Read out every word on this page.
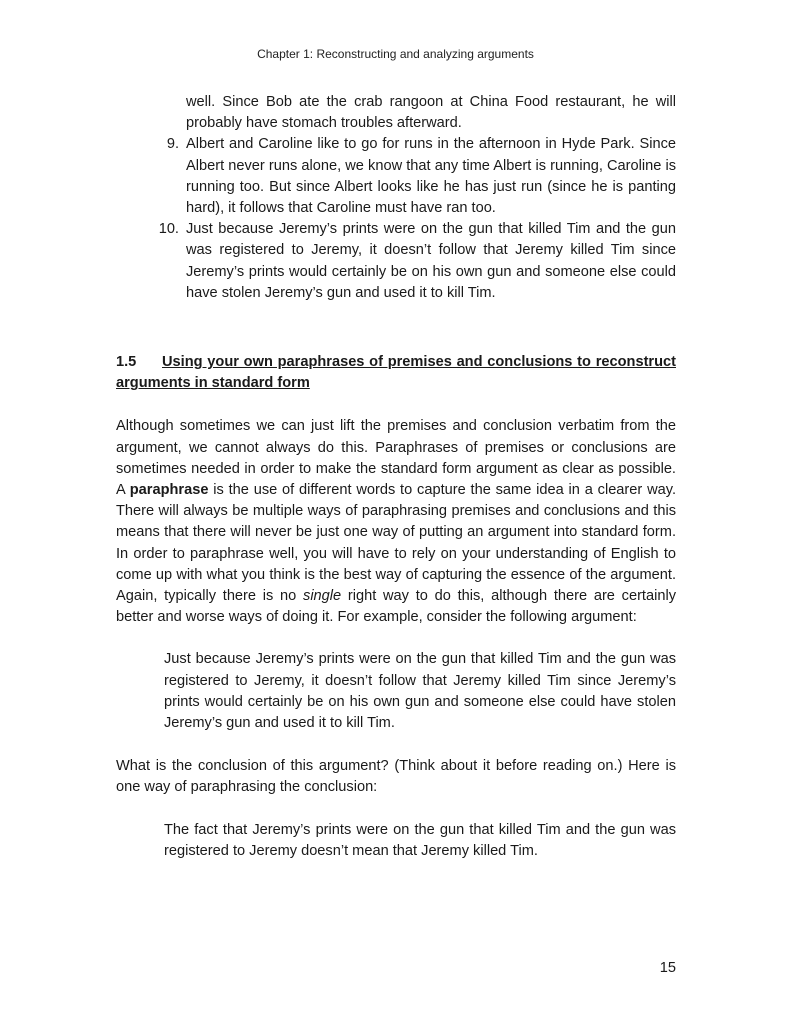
Chapter 1: Reconstructing and analyzing arguments

well. Since Bob ate the crab rangoon at China Food restaurant, he will probably have stomach troubles afterward.

9. Albert and Caroline like to go for runs in the afternoon in Hyde Park. Since Albert never runs alone, we know that any time Albert is running, Caroline is running too. But since Albert looks like he has just run (since he is panting hard), it follows that Caroline must have ran too.
10. Just because Jeremy’s prints were on the gun that killed Tim and the gun was registered to Jeremy, it doesn’t follow that Jeremy killed Tim since Jeremy’s prints would certainly be on his own gun and someone else could have stolen Jeremy’s gun and used it to kill Tim.

1.5 Using your own paraphrases of premises and conclusions to reconstruct arguments in standard form

Although sometimes we can just lift the premises and conclusion verbatim from the argument, we cannot always do this. Paraphrases of premises or conclusions are sometimes needed in order to make the standard form argument as clear as possible. A paraphrase is the use of different words to capture the same idea in a clearer way. There will always be multiple ways of paraphrasing premises and conclusions and this means that there will never be just one way of putting an argument into standard form. In order to paraphrase well, you will have to rely on your understanding of English to come up with what you think is the best way of capturing the essence of the argument. Again, typically there is no single right way to do this, although there are certainly better and worse ways of doing it. For example, consider the following argument:

Just because Jeremy’s prints were on the gun that killed Tim and the gun was registered to Jeremy, it doesn’t follow that Jeremy killed Tim since Jeremy’s prints would certainly be on his own gun and someone else could have stolen Jeremy’s gun and used it to kill Tim.

What is the conclusion of this argument? (Think about it before reading on.) Here is one way of paraphrasing the conclusion:

The fact that Jeremy’s prints were on the gun that killed Tim and the gun was registered to Jeremy doesn’t mean that Jeremy killed Tim.

15
